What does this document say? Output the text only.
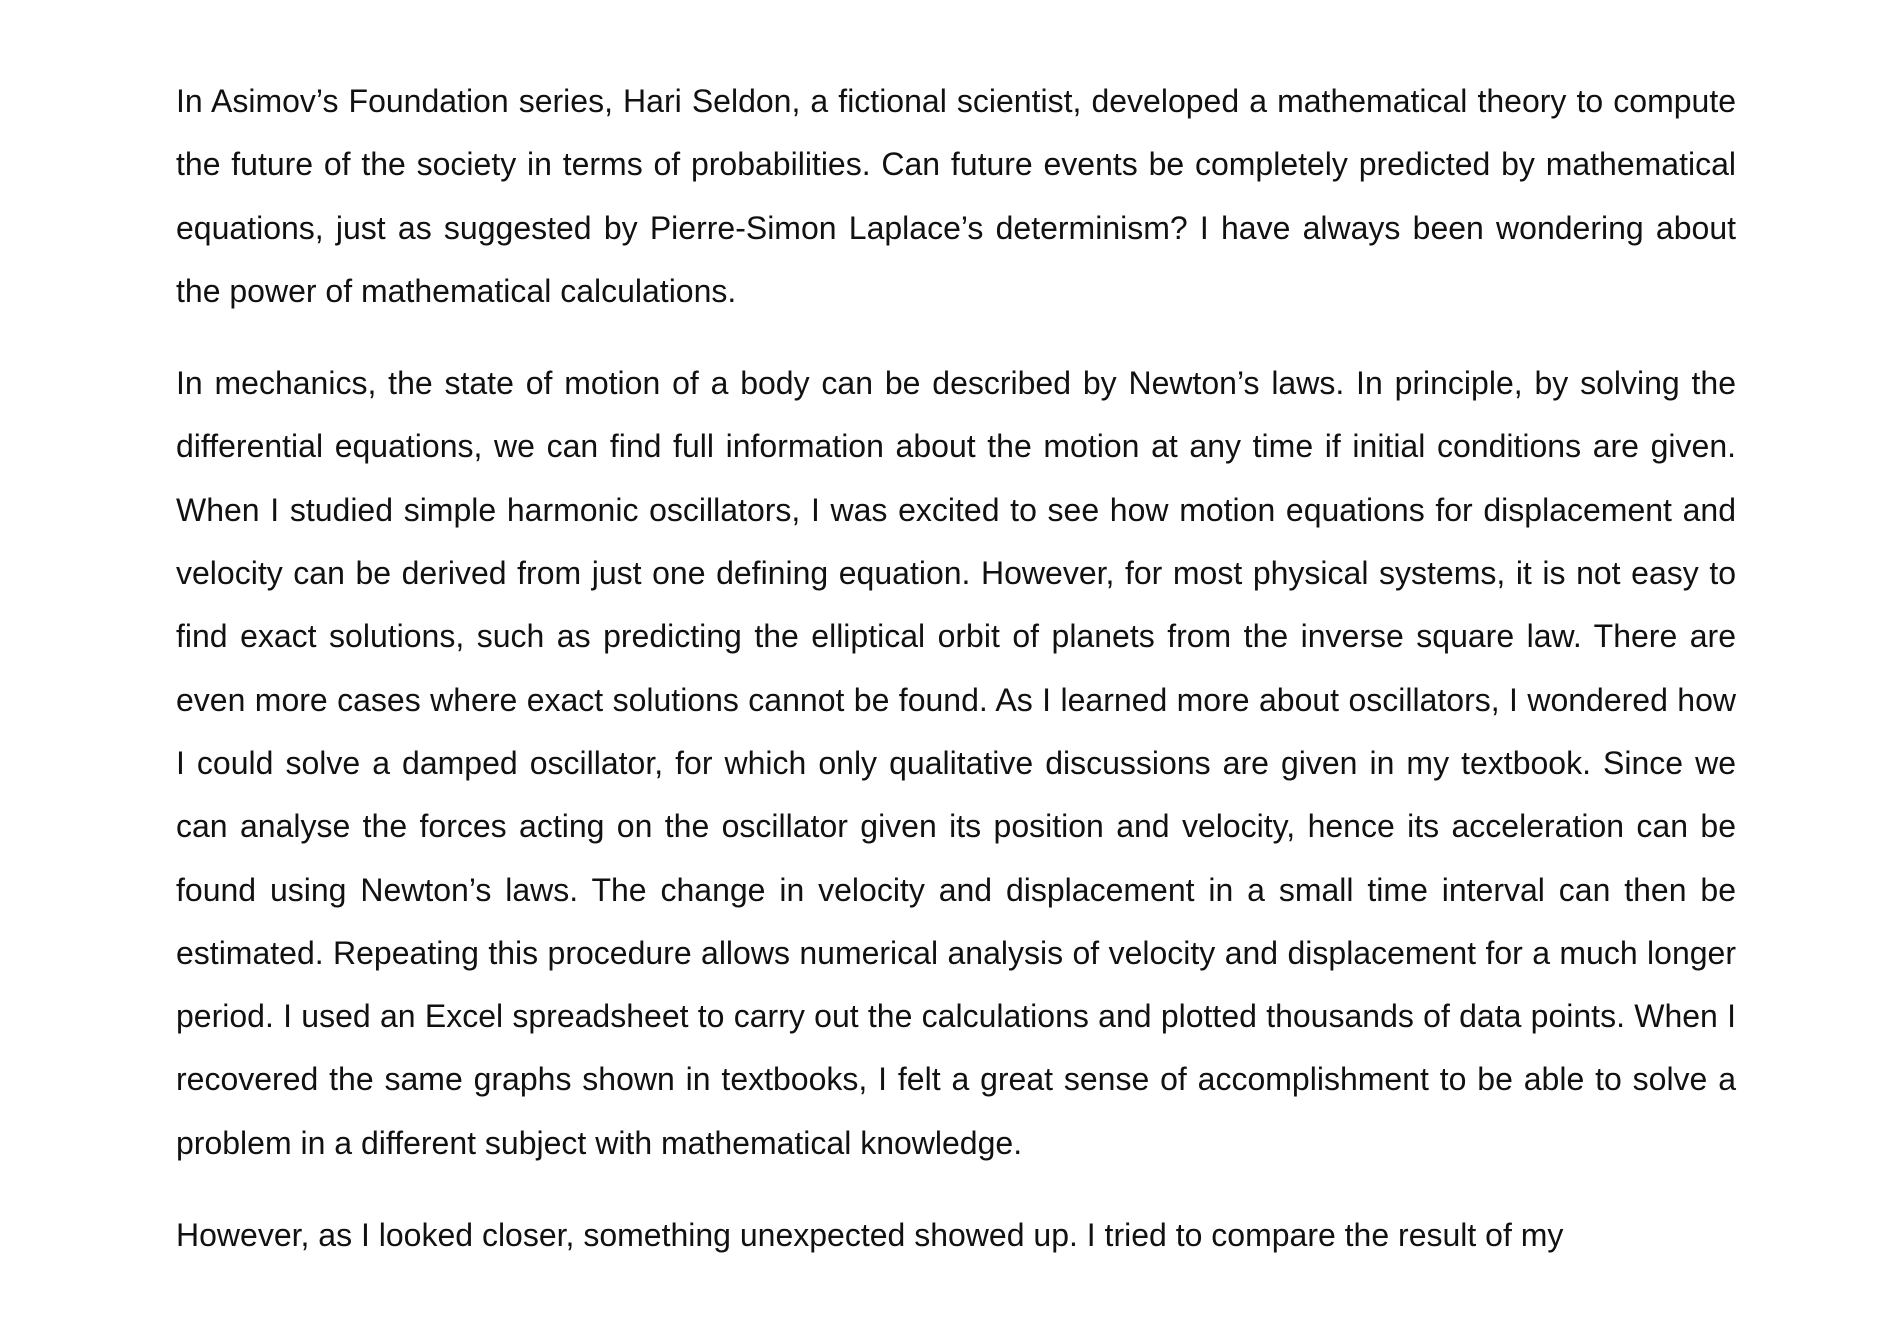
In Asimov’s Foundation series, Hari Seldon, a fictional scientist, developed a mathematical theory to compute the future of the society in terms of probabilities. Can future events be completely predicted by mathematical equations, just as suggested by Pierre-Simon Laplace’s determinism? I have always been wondering about the power of mathematical calculations.

In mechanics, the state of motion of a body can be described by Newton’s laws. In principle, by solving the differential equations, we can find full information about the motion at any time if initial conditions are given. When I studied simple harmonic oscillators, I was excited to see how motion equations for displacement and velocity can be derived from just one defining equation. However, for most physical systems, it is not easy to find exact solutions, such as predicting the elliptical orbit of planets from the inverse square law. There are even more cases where exact solutions cannot be found. As I learned more about oscillators, I wondered how I could solve a damped oscillator, for which only qualitative discussions are given in my textbook. Since we can analyse the forces acting on the oscillator given its position and velocity, hence its acceleration can be found using Newton’s laws. The change in velocity and displacement in a small time interval can then be estimated. Repeating this procedure allows numerical analysis of velocity and displacement for a much longer period. I used an Excel spreadsheet to carry out the calculations and plotted thousands of data points. When I recovered the same graphs shown in textbooks, I felt a great sense of accomplishment to be able to solve a problem in a different subject with mathematical knowledge.

However, as I looked closer, something unexpected showed up. I tried to compare the result of my
